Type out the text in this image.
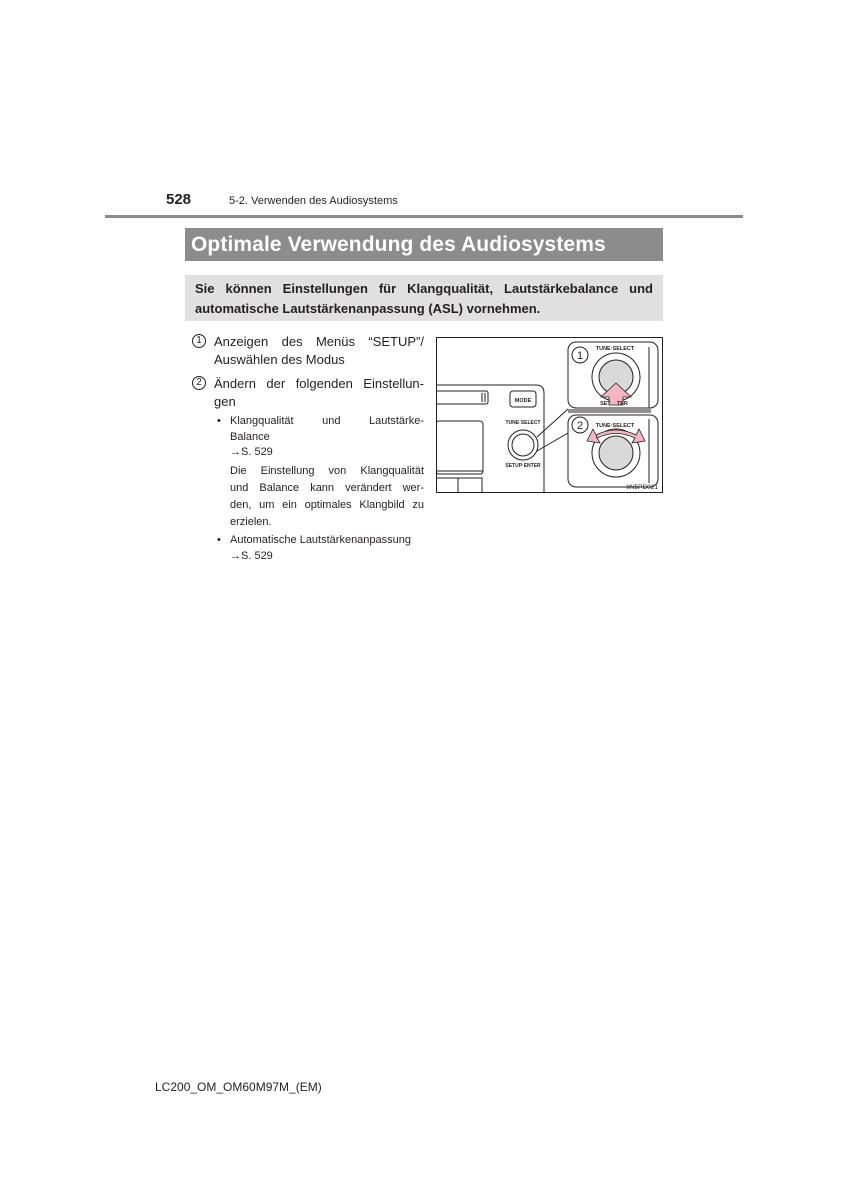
528	5-2. Verwenden des Audiosystems
Optimale Verwendung des Audiosystems
Sie können Einstellungen für Klangqualität, Lautstärkebalance und automatische Lautstärkenanpassung (ASL) vornehmen.
1 Anzeigen des Menüs “SETUP”/
Auswählen des Modus
2 Ändern der folgenden Einstellun-
gen
• Klangqualität und Lautstärke-
Balance
→S. 529
Die Einstellung von Klangqualität
und Balance kann verändert wer-
den, um ein optimales Klangbild zu
erzielen.
• Automatische Lautstärkenanpassung
→S. 529
1
2
MODE
TUNE·SELECT
SETUP·ENTER
TUNE·SELECT
SET    TER
TUNE·SELECT
IIN5PD021
LC200_OM_OM60M97M_(EM)
